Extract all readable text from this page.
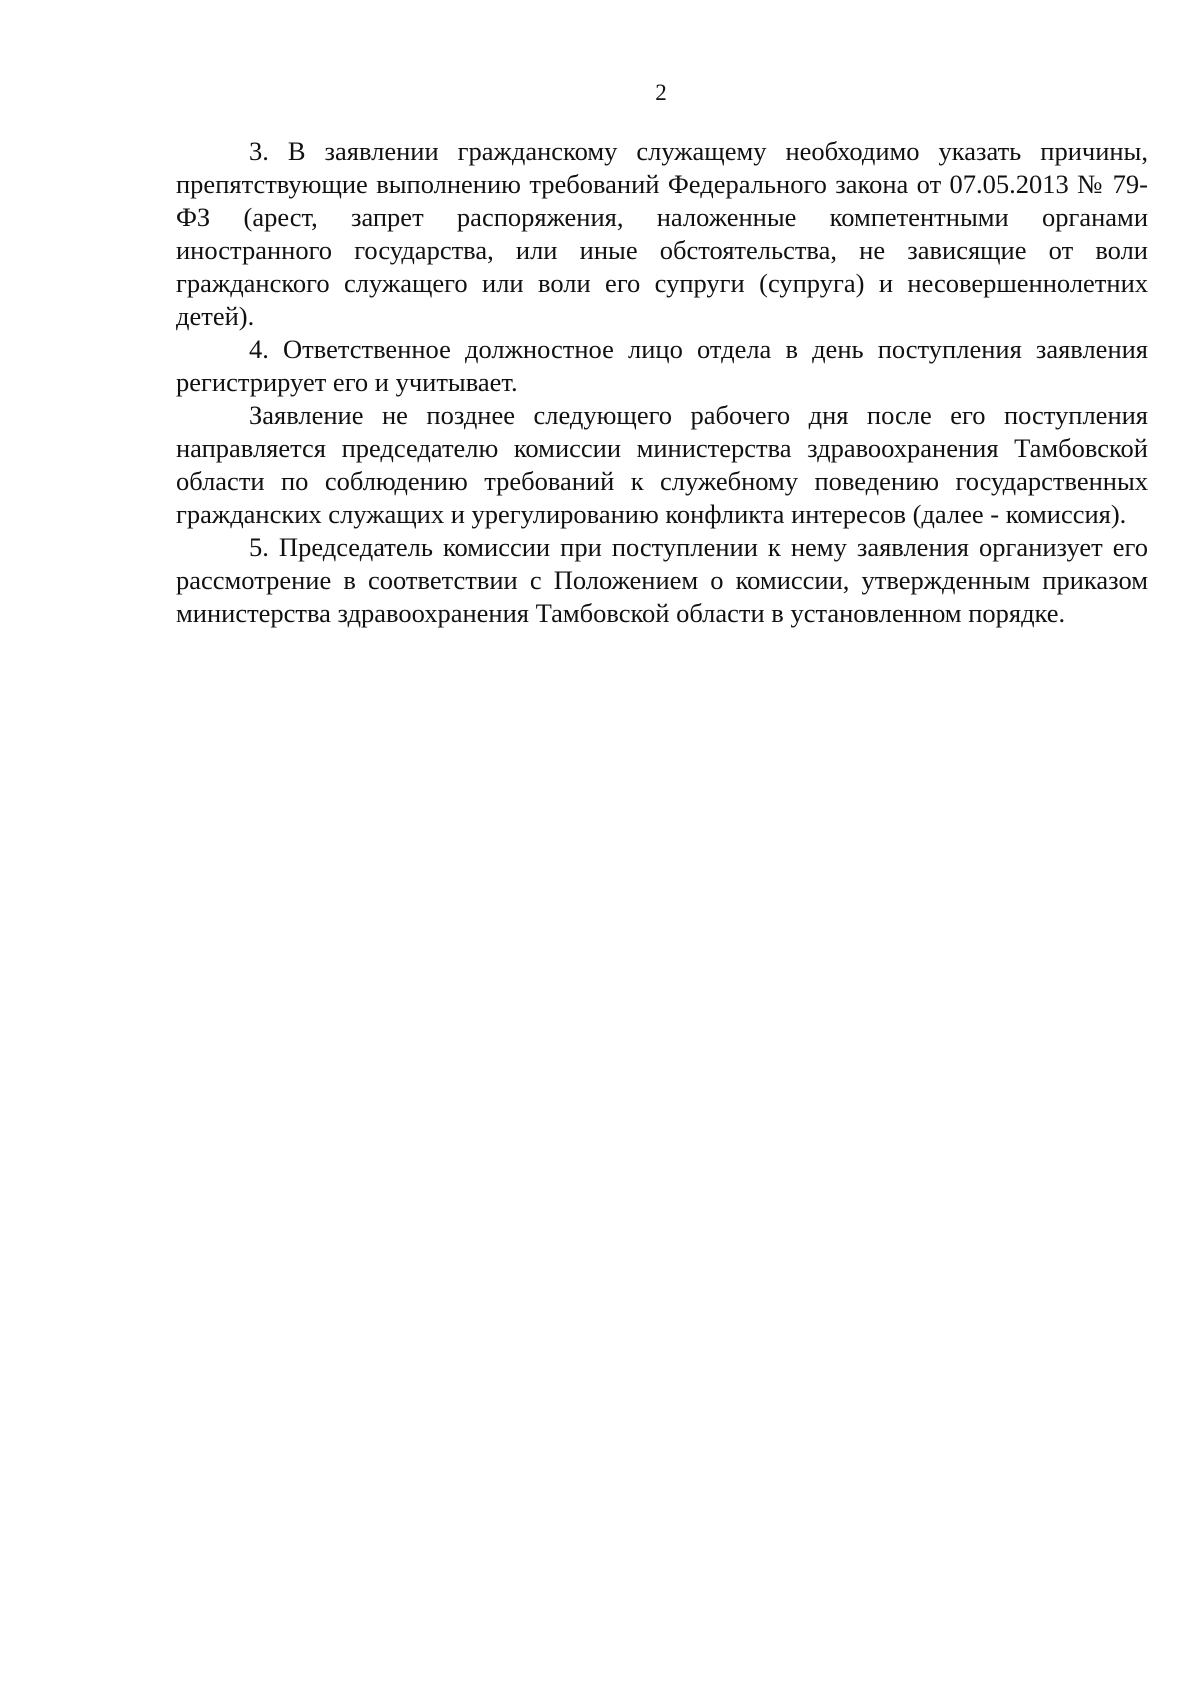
2

3. В заявлении гражданскому служащему необходимо указать причины, препятствующие выполнению требований Федерального закона от 07.05.2013 № 79-ФЗ (арест, запрет распоряжения, наложенные компетентными органами иностранного государства, или иные обстоятельства, не зависящие от воли гражданского служащего или воли его супруги (супруга) и несовершеннолетних детей).

4. Ответственное должностное лицо отдела в день поступления заявления регистрирует его и учитывает.

Заявление не позднее следующего рабочего дня после его поступления направляется председателю комиссии министерства здравоохранения Тамбовской области по соблюдению требований к служебному поведению государственных гражданских служащих и урегулированию конфликта интересов (далее - комиссия).

5. Председатель комиссии при поступлении к нему заявления организует его рассмотрение в соответствии с Положением о комиссии, утвержденным приказом министерства здравоохранения Тамбовской области в установленном порядке.
